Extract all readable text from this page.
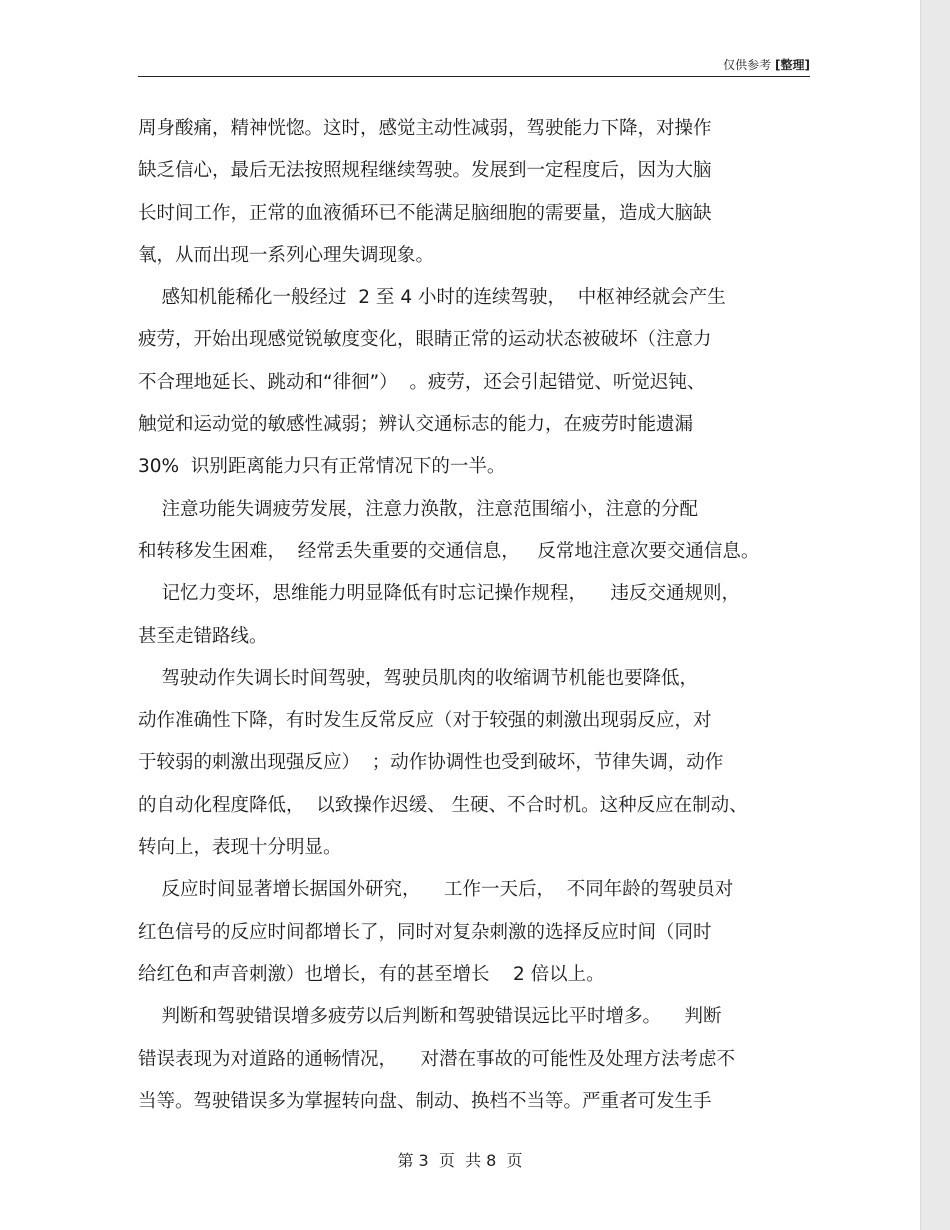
仅供参考 [整理]
周身酸痛，精神恍惚。这时，感觉主动性减弱，驾驶能力下降，对操作
缺乏信心，最后无法按照规程继续驾驶。发展到一定程度后，因为大脑
长时间工作，正常的血液循环已不能满足脑细胞的需要量，造成大脑缺
氧，从而出现一系列心理失调现象。
感知机能稀化一般经过  2 至 4 小时的连续驾驶，  中枢神经就会产生
疲劳，开始出现感觉锐敏度变化，眼睛正常的运动状态被破坏（注意力
不合理地延长、跳动和“徘徊”）  。疲劳，还会引起错觉、听觉迟钝、
触觉和运动觉的敏感性减弱；辨认交通标志的能力，在疲劳时能遗漏
30%  识别距离能力只有正常情况下的一半。
注意功能失调疲劳发展，注意力涣散，注意范围缩小，注意的分配
和转移发生困难，  经常丢失重要的交通信息，   反常地注意次要交通信息。
记忆力变坏，思维能力明显降低有时忘记操作规程，    违反交通规则，
甚至走错路线。
驾驶动作失调长时间驾驶，驾驶员肌肉的收缩调节机能也要降低，
动作准确性下降，有时发生反常反应（对于较强的刺激出现弱反应，对
于较弱的刺激出现强反应）  ；动作协调性也受到破坏，节律失调，动作
的自动化程度降低，  以致操作迟缓、 生硬、不合时机。这种反应在制动、
转向上，表现十分明显。
反应时间显著增长据国外研究，    工作一天后，  不同年龄的驾驶员对
红色信号的反应时间都增长了，同时对复杂刺激的选择反应时间（同时
给红色和声音刺激）也增长，有的甚至增长    2 倍以上。
判断和驾驶错误增多疲劳以后判断和驾驶错误远比平时增多。    判断
错误表现为对道路的通畅情况，    对潜在事故的可能性及处理方法考虑不
当等。驾驶错误多为掌握转向盘、制动、换档不当等。严重者可发生手
第 3  页  共 8  页
